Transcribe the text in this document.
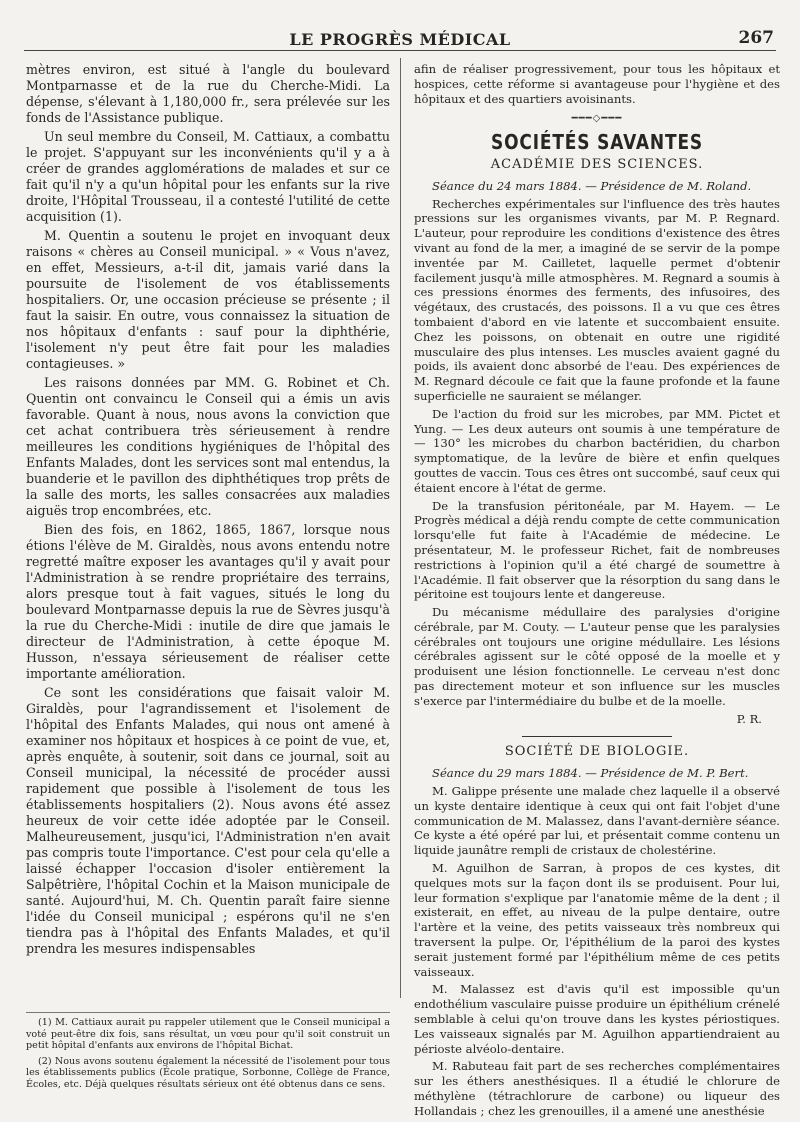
LE PROGRÈS MÉDICAL	267

mètres environ, est situé à l'angle du boulevard Montparnasse et de la rue du Cherche-Midi. La dépense, s'élevant à 1,180,000 fr., sera prélevée sur les fonds de l'Assistance publique.

Un seul membre du Conseil, M. Cattiaux, a combattu le projet. S'appuyant sur les inconvénients qu'il y a à créer de grandes agglomérations de malades et sur ce fait qu'il n'y a qu'un hôpital pour les enfants sur la rive droite, l'Hôpital Trousseau, il a contesté l'utilité de cette acquisition (1).

M. Quentin a soutenu le projet en invoquant deux raisons « chères au Conseil municipal. » « Vous n'avez, en effet, Messieurs, a-t-il dit, jamais varié dans la poursuite de l'isolement de vos établissements hospitaliers. Or, une occasion précieuse se présente ; il faut la saisir. En outre, vous connaissez la situation de nos hôpitaux d'enfants : sauf pour la diphthérie, l'isolement n'y peut être fait pour les maladies contagieuses. »

Les raisons données par MM. G. Robinet et Ch. Quentin ont convaincu le Conseil qui a émis un avis favorable. Quant à nous, nous avons la conviction que cet achat contribuera très sérieusement à rendre meilleures les conditions hygiéniques de l'hôpital des Enfants Malades, dont les services sont mal entendus, la buanderie et le pavillon des diphthétiques trop prêts de la salle des morts, les salles consacrées aux maladies aiguës trop encombrées, etc.

Bien des fois, en 1862, 1865, 1867, lorsque nous étions l'élève de M. Giraldès, nous avons entendu notre regretté maître exposer les avantages qu'il y avait pour l'Administration à se rendre propriétaire des terrains, alors presque tout à fait vagues, situés le long du boulevard Montparnasse depuis la rue de Sèvres jusqu'à la rue du Cherche-Midi : inutile de dire que jamais le directeur de l'Administration, à cette époque M. Husson, n'essaya sérieusement de réaliser cette importante amélioration.

Ce sont les considérations que faisait valoir M. Giraldès, pour l'agrandissement et l'isolement de l'hôpital des Enfants Malades, qui nous ont amené à examiner nos hôpitaux et hospices à ce point de vue, et, après enquête, à soutenir, soit dans ce journal, soit au Conseil municipal, la nécessité de procéder aussi rapidement que possible à l'isolement de tous les établissements hospitaliers (2). Nous avons été assez heureux de voir cette idée adoptée par le Conseil. Malheureusement, jusqu'ici, l'Administration n'en avait pas compris toute l'importance. C'est pour cela qu'elle a laissé échapper l'occasion d'isoler entièrement la Salpêtrière, l'hôpital Cochin et la Maison municipale de santé. Aujourd'hui, M. Ch. Quentin paraît faire sienne l'idée du Conseil municipal ; espérons qu'il ne s'en tiendra pas à l'hôpital des Enfants Malades, et qu'il prendra les mesures indispensables

(1) M. Cattiaux aurait pu rappeler utilement que le Conseil municipal a voté peut-être dix fois, sans résultat, un vœu pour qu'il soit construit un petit hôpital d'enfants aux environs de l'hôpital Bichat.

(2) Nous avons soutenu également la nécessité de l'isolement pour tous les établissements publics (École pratique, Sorbonne, Collège de France, Écoles, etc. Déjà quelques résultats sérieux ont été obtenus dans ce sens.

afin de réaliser progressivement, pour tous les hôpitaux et hospices, cette réforme si avantageuse pour l'hygiène et des hôpitaux et des quartiers avoisinants.

━━━◇━━━
SOCIÉTÉS SAVANTES
ACADÉMIE DES SCIENCES.

Séance du 24 mars 1884. — Présidence de M. Roland.

Recherches expérimentales sur l'influence des très hautes pressions sur les organismes vivants, par M. P. Regnard. L'auteur, pour reproduire les conditions d'existence des êtres vivant au fond de la mer, a imaginé de se servir de la pompe inventée par M. Cailletet, laquelle permet d'obtenir facilement jusqu'à mille atmosphères. M. Regnard a soumis à ces pressions énormes des ferments, des infusoires, des végétaux, des crustacés, des poissons. Il a vu que ces êtres tombaient d'abord en vie latente et succombaient ensuite. Chez les poissons, on obtenait en outre une rigidité musculaire des plus intenses. Les muscles avaient gagné du poids, ils avaient donc absorbé de l'eau. Des expériences de M. Regnard découle ce fait que la faune profonde et la faune superficielle ne sauraient se mélanger.

De l'action du froid sur les microbes, par MM. Pictet et Yung. — Les deux auteurs ont soumis à une température de — 130° les microbes du charbon bactéridien, du charbon symptomatique, de la levûre de bière et enfin quelques gouttes de vaccin. Tous ces êtres ont succombé, sauf ceux qui étaient encore à l'état de germe.

De la transfusion péritonéale, par M. Hayem. — Le Progrès médical a déjà rendu compte de cette communication lorsqu'elle fut faite à l'Académie de médecine. Le présentateur, M. le professeur Richet, fait de nombreuses restrictions à l'opinion qu'il a été chargé de soumettre à l'Académie. Il fait observer que la résorption du sang dans le péritoine est toujours lente et dangereuse.

Du mécanisme médullaire des paralysies d'origine cérébrale, par M. Couty. — L'auteur pense que les paralysies cérébrales ont toujours une origine médullaire. Les lésions cérébrales agissent sur le côté opposé de la moelle et y produisent une lésion fonctionnelle. Le cerveau n'est donc pas directement moteur et son influence sur les muscles s'exerce par l'intermédiaire du bulbe et de la moelle.

P. R.
SOCIÉTÉ DE BIOLOGIE.

Séance du 29 mars 1884. — Présidence de M. P. Bert.

M. Galippe présente une malade chez laquelle il a observé un kyste dentaire identique à ceux qui ont fait l'objet d'une communication de M. Malassez, dans l'avant-dernière séance. Ce kyste a été opéré par lui, et présentait comme contenu un liquide jaunâtre rempli de cristaux de cholestérine.

M. Aguilhon de Sarran, à propos de ces kystes, dit quelques mots sur la façon dont ils se produisent. Pour lui, leur formation s'explique par l'anatomie même de la dent ; il existerait, en effet, au niveau de la pulpe dentaire, outre l'artère et la veine, des petits vaisseaux très nombreux qui traversent la pulpe. Or, l'épithélium de la paroi des kystes serait justement formé par l'épithélium même de ces petits vaisseaux.

M. Malassez est d'avis qu'il est impossible qu'un endothélium vasculaire puisse produire un épithélium crénelé semblable à celui qu'on trouve dans les kystes périostiques. Les vaisseaux signalés par M. Aguilhon appartiendraient au périoste alvéolo-dentaire.

M. Rabuteau fait part de ses recherches complémentaires sur les éthers anesthésiques. Il a étudié le chlorure de méthylène (tétrachlorure de carbone) ou liqueur des Hollandais ; chez les grenouilles, il a amené une anesthésie
